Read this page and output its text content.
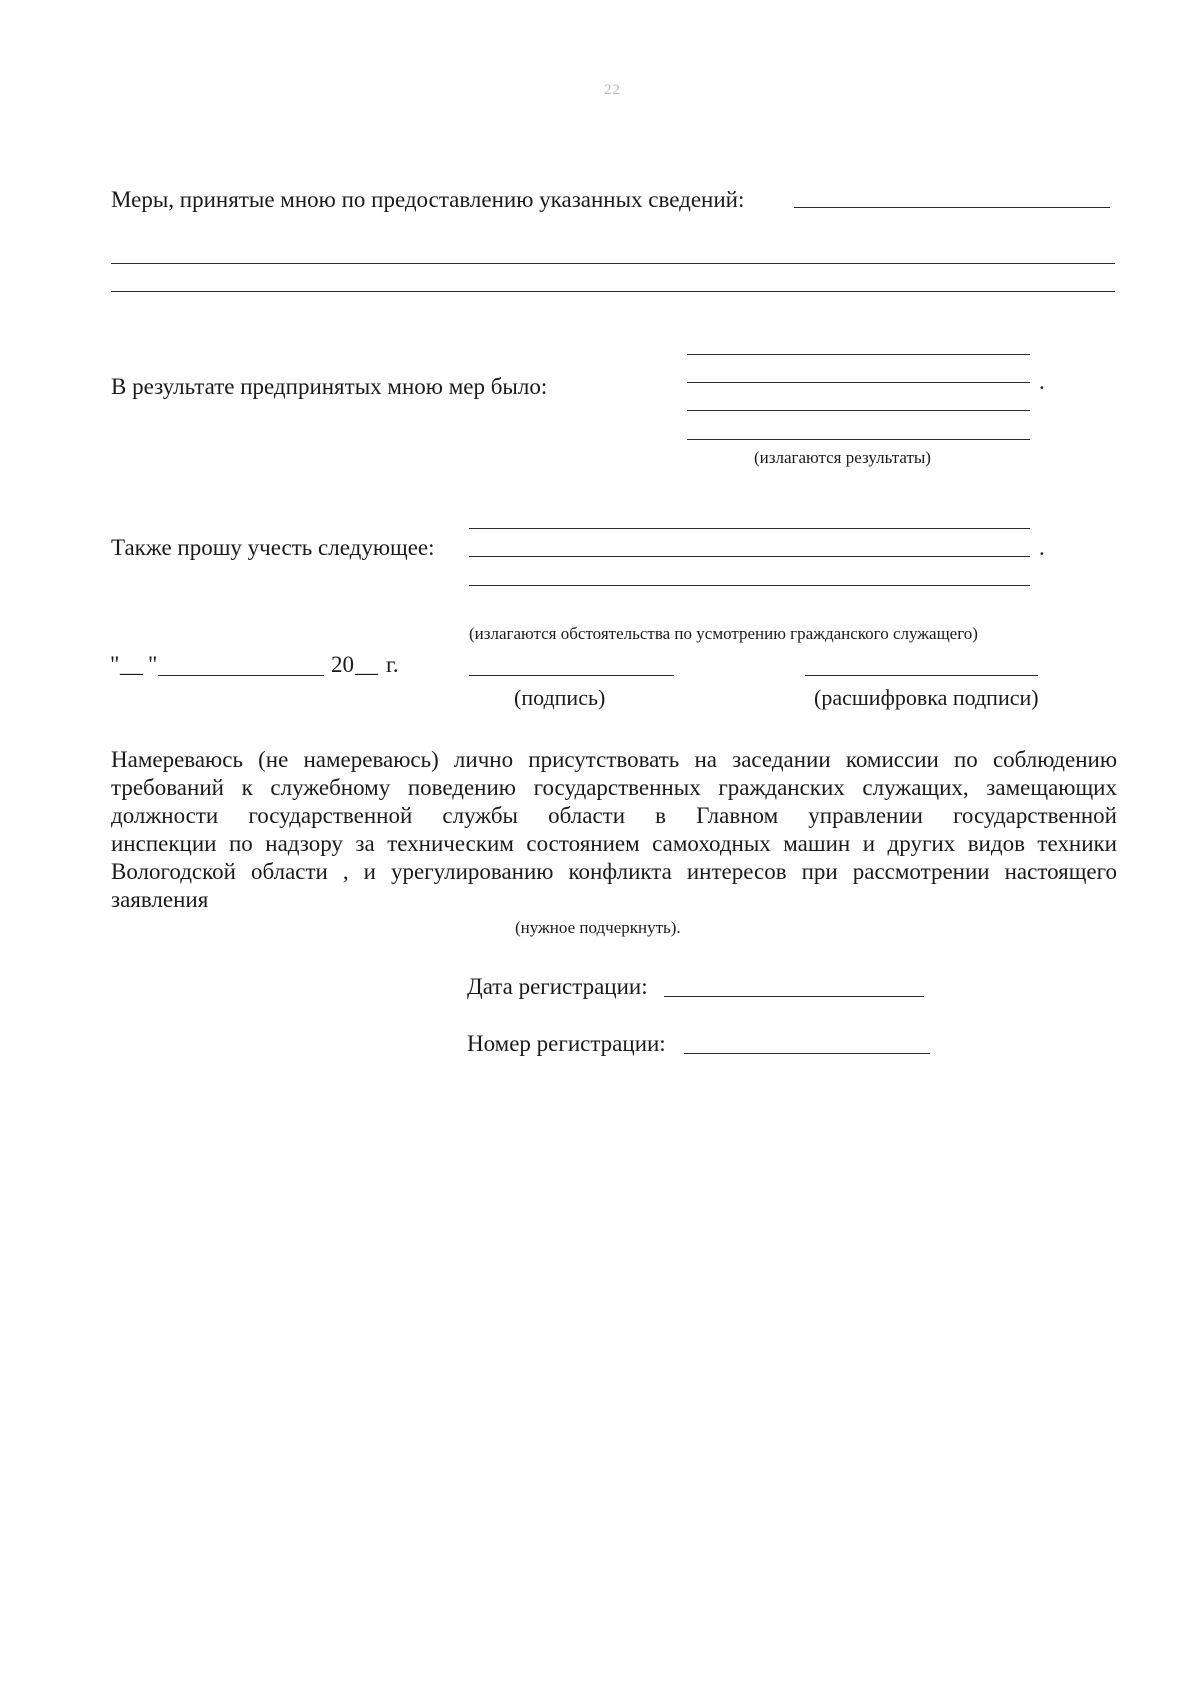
22
Меры, принятые мною по предоставлению указанных сведений:
В результате предпринятых мною мер было:	.
(излагаются результаты)
Также прошу учесть следующее:	.
(излагаются обстоятельства по усмотрению гражданского служащего)
" __ "	20 __ г.
(подпись)	(расшифровка подписи)
Намереваюсь (не намереваюсь) лично присутствовать на заседании комиссии по соблюдению
требований к служебному поведению государственных гражданских служащих, замещающих
должности государственной службы области в Главном управлении государственной
инспекции по надзору за техническим состоянием самоходных машин и других видов техники
Вологодской области , и урегулированию конфликта интересов при рассмотрении настоящего
заявления
(нужное подчеркнуть).
Дата регистрации:
Номер регистрации:
